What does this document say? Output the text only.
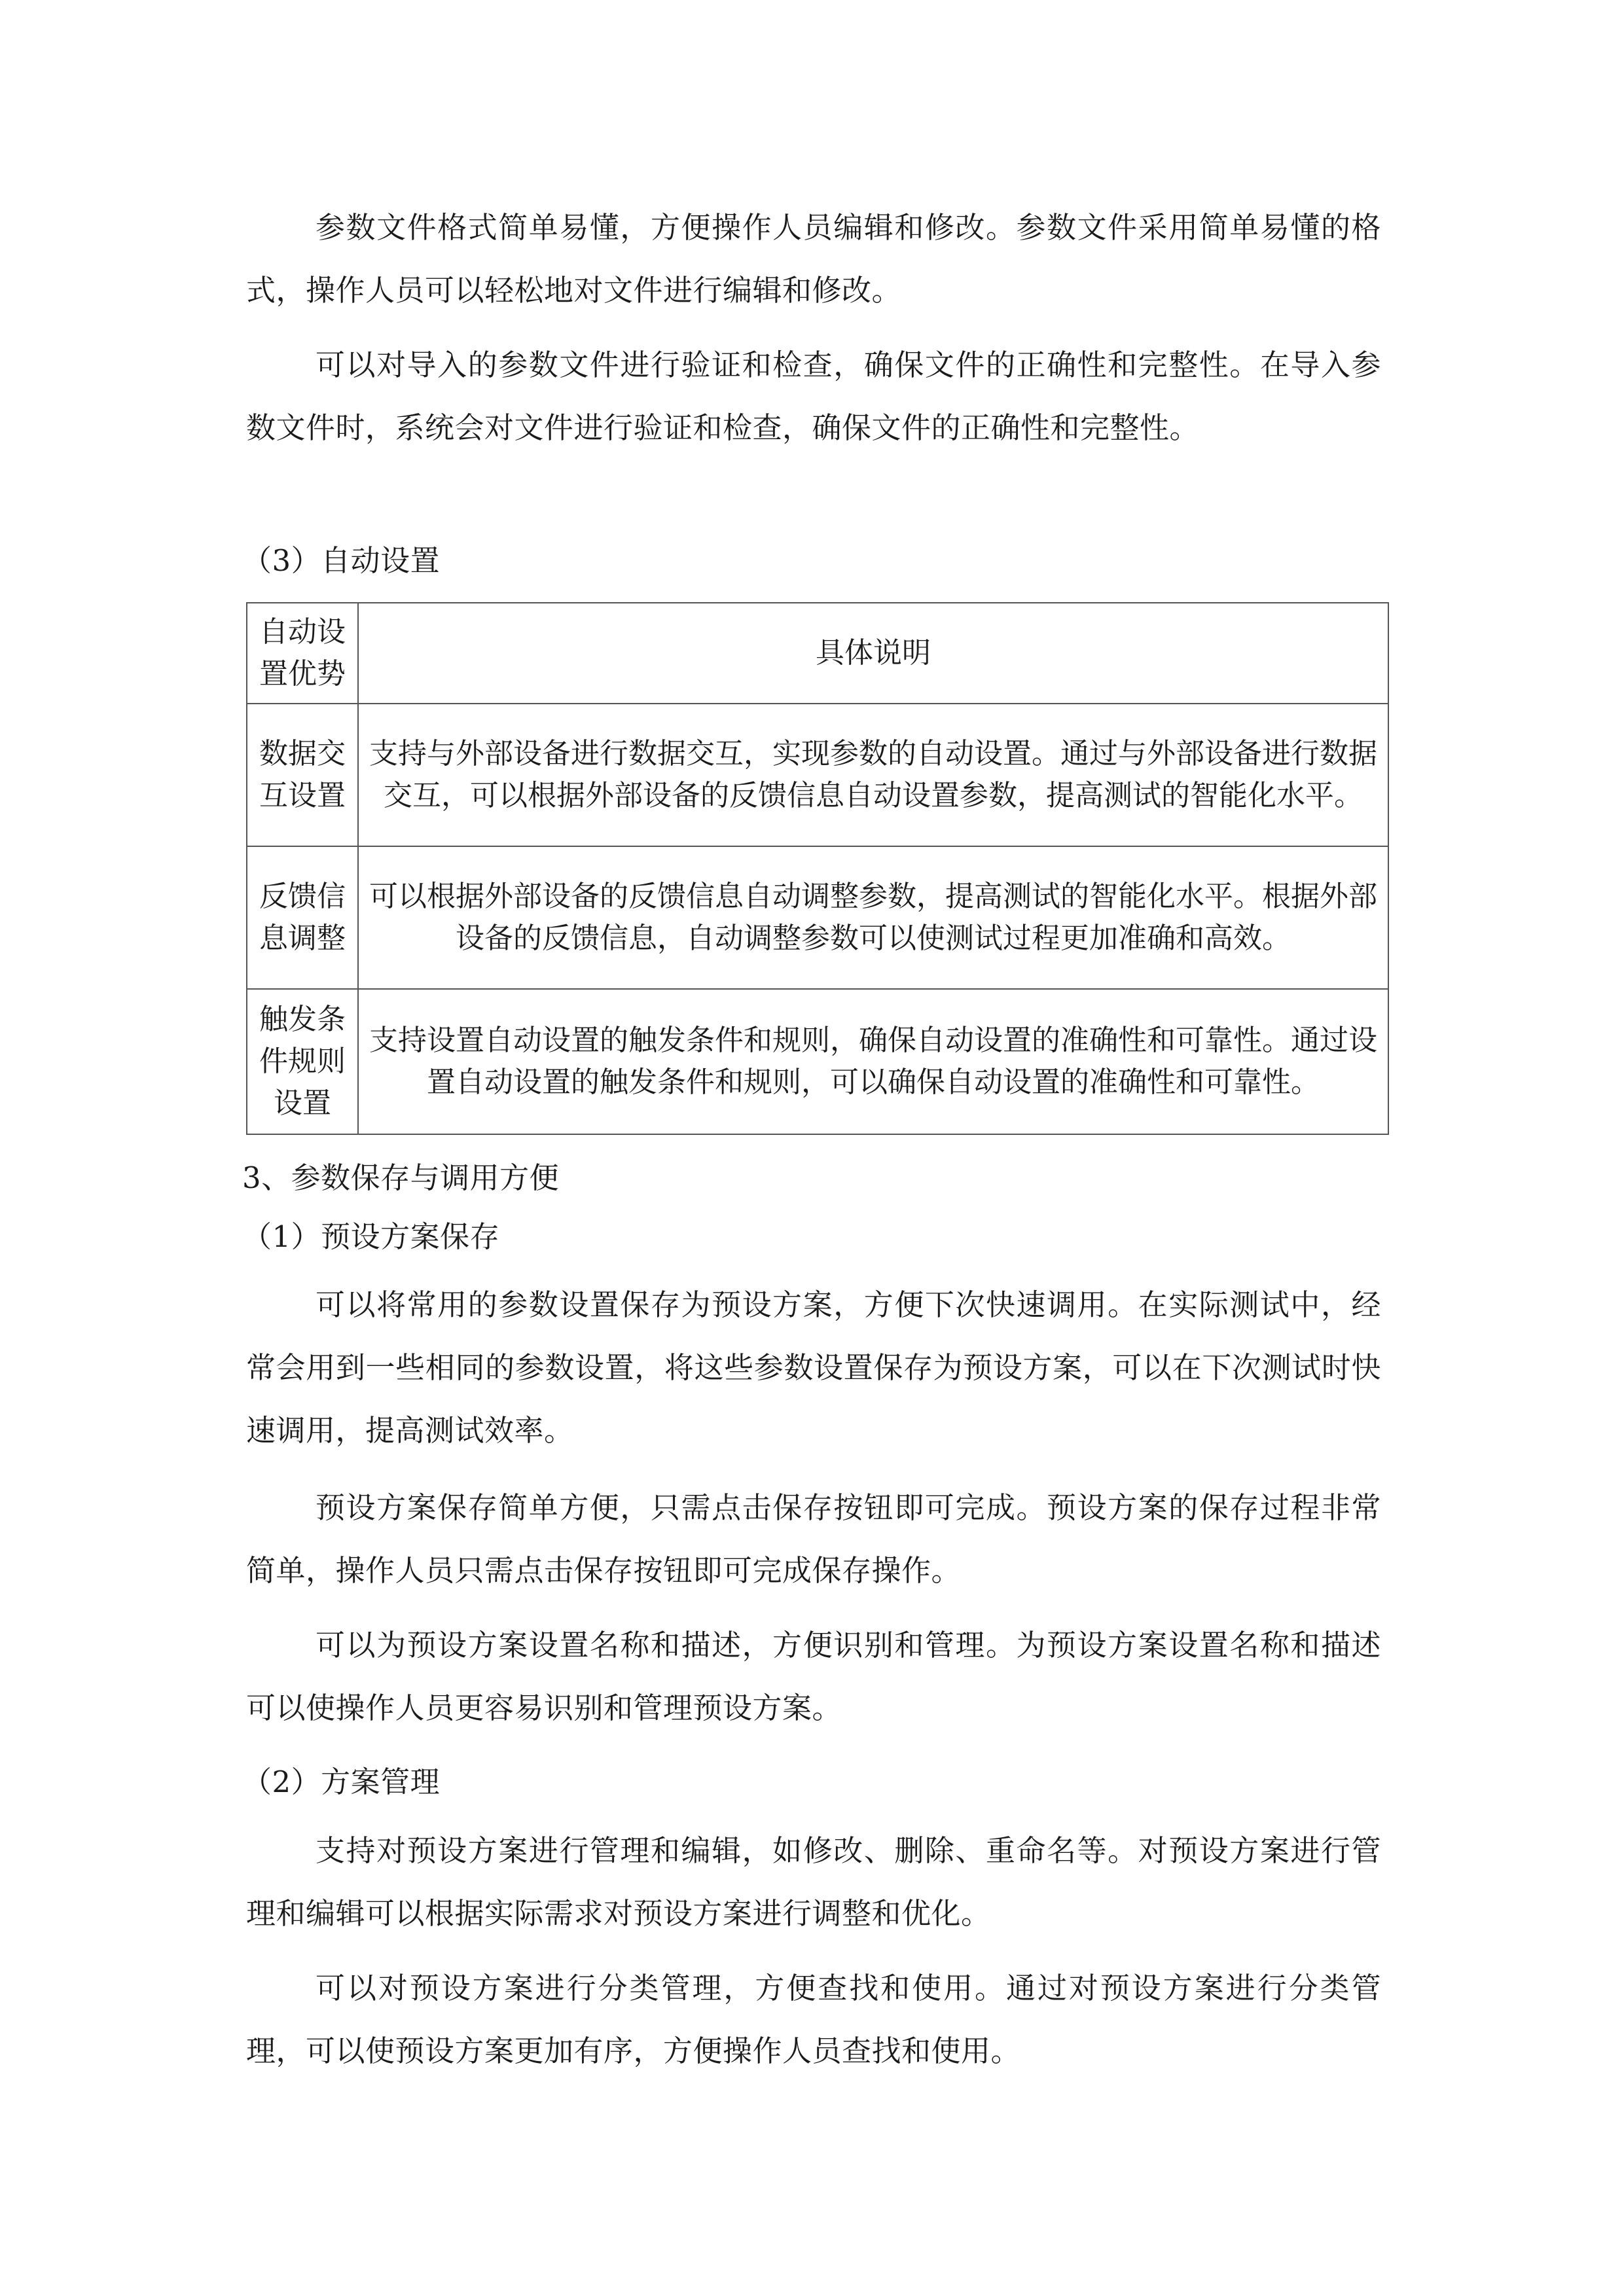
参数文件格式简单易懂，方便操作人员编辑和修改。参数文件采用简单易懂的格式，操作人员可以轻松地对文件进行编辑和修改。

可以对导入的参数文件进行验证和检查，确保文件的正确性和完整性。在导入参数文件时，系统会对文件进行验证和检查，确保文件的正确性和完整性。

（3）自动设置
自动设置优势	具体说明
数据交互设置	支持与外部设备进行数据交互，实现参数的自动设置。通过与外部设备进行数据交互，可以根据外部设备的反馈信息自动设置参数，提高测试的智能化水平。
反馈信息调整	可以根据外部设备的反馈信息自动调整参数，提高测试的智能化水平。根据外部设备的反馈信息，自动调整参数可以使测试过程更加准确和高效。
触发条件规则设置	支持设置自动设置的触发条件和规则，确保自动设置的准确性和可靠性。通过设置自动设置的触发条件和规则，可以确保自动设置的准确性和可靠性。
3、参数保存与调用方便
（1）预设方案保存

可以将常用的参数设置保存为预设方案，方便下次快速调用。在实际测试中，经常会用到一些相同的参数设置，将这些参数设置保存为预设方案，可以在下次测试时快速调用，提高测试效率。

预设方案保存简单方便，只需点击保存按钮即可完成。预设方案的保存过程非常简单，操作人员只需点击保存按钮即可完成保存操作。

可以为预设方案设置名称和描述，方便识别和管理。为预设方案设置名称和描述可以使操作人员更容易识别和管理预设方案。

（2）方案管理

支持对预设方案进行管理和编辑，如修改、删除、重命名等。对预设方案进行管理和编辑可以根据实际需求对预设方案进行调整和优化。

可以对预设方案进行分类管理，方便查找和使用。通过对预设方案进行分类管理，可以使预设方案更加有序，方便操作人员查找和使用。
